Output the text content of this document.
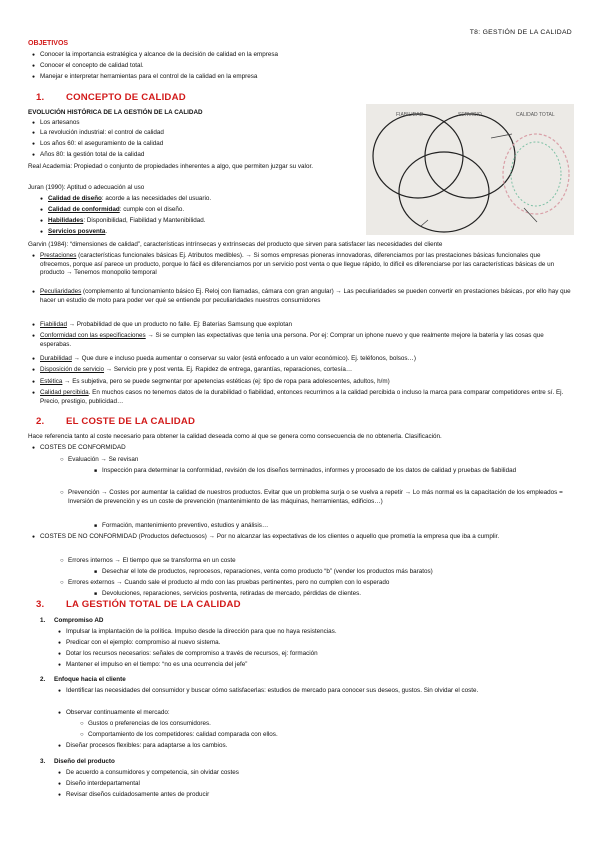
T8: GESTIÓN DE LA CALIDAD
OBJETIVOS
● Conocer la importancia estratégica y alcance de la decisión de calidad en la empresa
● Conocer el concepto de calidad total.
● Manejar e interpretar herramientas para el control de la calidad en la empresa
1. CONCEPTO DE CALIDAD
EVOLUCIÓN HISTÓRICA DE LA GESTIÓN DE LA CALIDAD
● Los artesanos
● La revolución industrial: el control de calidad
● Los años 60: el aseguramiento de la calidad
● Años 80: la gestión total de la calidad
Real Academia: Propiedad o conjunto de propiedades inherentes a algo, que permiten juzgar su valor.
Juran (1990): Aptitud o adecuación al uso
● Calidad de diseño: acorde a las necesidades del usuario.
● Calidad de conformidad: cumple con el diseño.
● Habilidades: Disponibilidad, Fiabilidad y Mantenibilidad.
● Servicios posventa.
FIABILIDAD	SERVICIO	CALIDAD TOTAL
Garvin (1984): “dimensiones de calidad”, características intrínsecas y extrínsecas del producto que sirven para satisfacer las necesidades del cliente
● Prestaciones (características funcionales básicas Ej. Atributos medibles). → Si somos empresas pioneras innovadoras, diferenciamos por las prestaciones básicas funcionales que ofrecemos, porque así parece un producto, porque lo fácil es diferenciarnos por un servicio post venta o que llegue rápido, lo difícil es diferenciarse por las características básicas de un producto → Tenemos monopolio temporal
● Peculiaridades (complemento al funcionamiento básico Ej. Reloj con llamadas, cámara con gran angular) → Las peculiaridades se pueden convertir en prestaciones básicas, por ello hay que hacer un estudio de moto para poder ver qué se entiende por peculiaridades nuestros consumidores
● Fiabilidad → Probabilidad de que un producto no falle. Ej: Baterías Samsung que explotan
● Conformidad con las especificaciones → Si se cumplen las expectativas que tenía una persona. Por ej: Comprar un iphone nuevo y que realmente mejore la batería y las cosas que esperabas.
● Durabilidad → Que dure e incluso pueda aumentar o conservar su valor (está enfocado a un valor económico). Ej. teléfonos, bolsos…)
● Disposición de servicio → Servicio pre y post venta. Ej. Rapidez de entrega, garantías, reparaciones, cortesía…
● Estética → Es subjetiva, pero se puede segmentar por apetencias estéticas (ej: tipo de ropa para adolescentes, adultos, h/m)
● Calidad percibida. En muchos casos no tenemos datos de la durabilidad o fiabilidad, entonces recurrimos a la calidad percibida o incluso la marca para comparar competidores entre sí. Ej. Precio, prestigio, publicidad…
2. EL COSTE DE LA CALIDAD
Hace referencia tanto al coste necesario para obtener la calidad deseada como al que se genera como consecuencia de no obtenerla. Clasificación.
● COSTES DE CONFORMIDAD
○ Evaluación → Se revisan
■ Inspección para determinar la conformidad, revisión de los diseños terminados, informes y procesado de los datos de calidad y pruebas de fiabilidad
○ Prevención → Costes por aumentar la calidad de nuestros productos. Evitar que un problema surja o se vuelva a repetir → Lo más normal es la capacitación de los empleados = Inversión de prevención y es un coste de prevención (mantenimiento de las máquinas, herramientas, edificios…)
■ Formación, mantenimiento preventivo, estudios y análisis…
● COSTES DE NO CONFORMIDAD (Productos defectuosos) → Por no alcanzar las expectativas de los clientes o aquello que prometía la empresa que iba a cumplir.
○ Errores internos → El tiempo que se transforma en un coste
■ Desechar el lote de productos, reprocesos, reparaciones, venta como producto “b” (vender los productos más baratos)
○ Errores externos → Cuando sale el producto al mdo con las pruebas pertinentes, pero no cumplen con lo esperado
■ Devoluciones, reparaciones, servicios postventa, retiradas de mercado, pérdidas de clientes.
3. LA GESTIÓN TOTAL DE LA CALIDAD
1. Compromiso AD
● Impulsar la implantación de la política. Impulso desde la dirección para que no haya resistencias.
● Predicar con el ejemplo: compromiso al nuevo sistema.
● Dotar los recursos necesarios: señales de compromiso a través de recursos, ej: formación
● Mantener el impulso en el tiempo: “no es una ocurrencia del jefe”
2. Enfoque hacia el cliente
● Identificar las necesidades del consumidor y buscar cómo satisfacerlas: estudios de mercado para conocer sus deseos, gustos. Sin olvidar el coste.
● Observar continuamente el mercado:
○ Gustos o preferencias de los consumidores.
○ Comportamiento de los competidores: calidad comparada con ellos.
● Diseñar procesos flexibles: para adaptarse a los cambios.
3. Diseño del producto
● De acuerdo a consumidores y competencia, sin olvidar costes
● Diseño interdepartamental
● Revisar diseños cuidadosamente antes de producir
